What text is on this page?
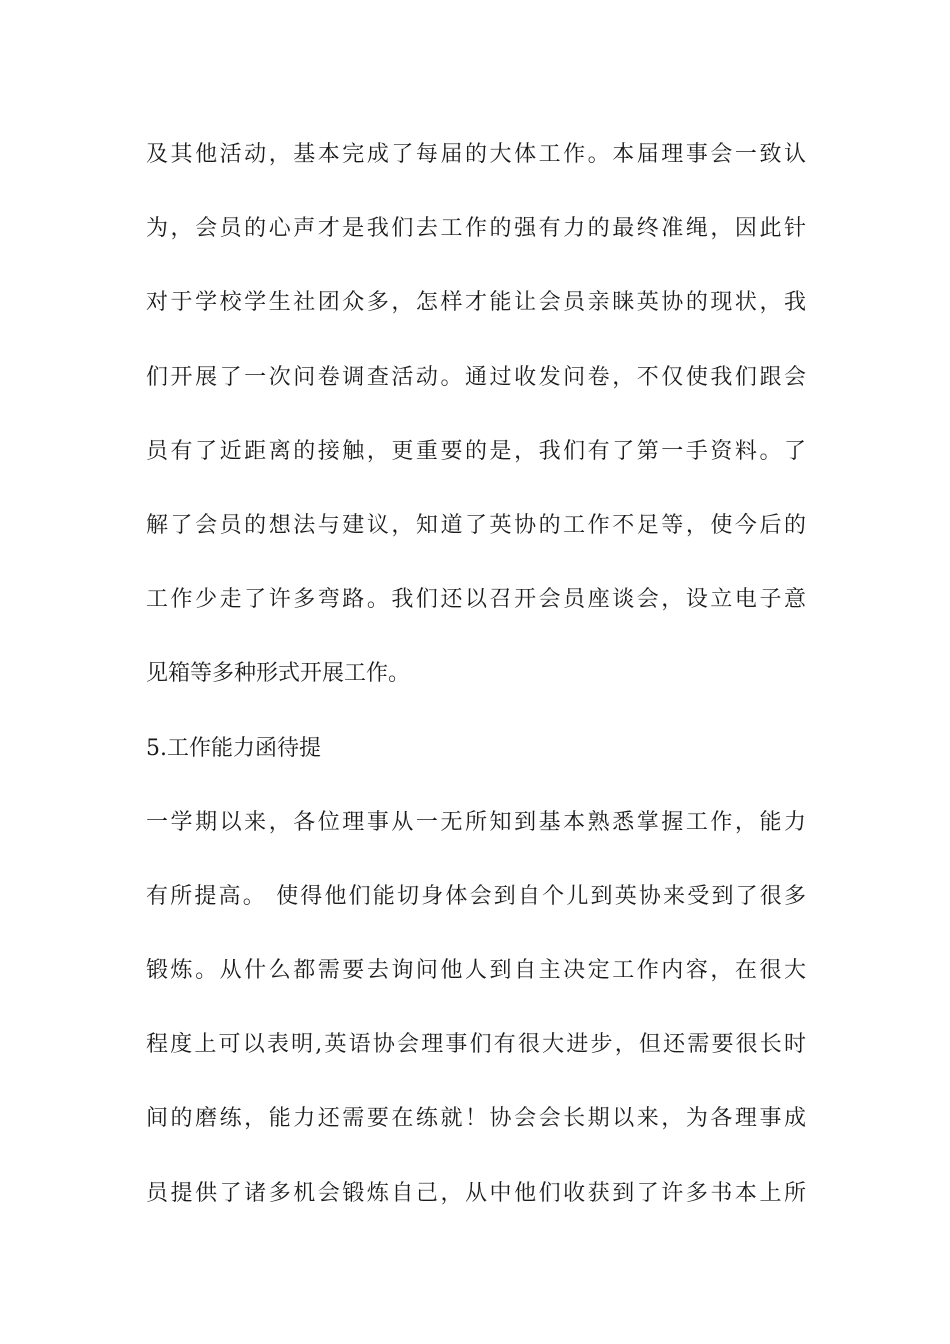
及其他活动，基本完成了每届的大体工作。本届理事会一致认
为，会员的心声才是我们去工作的强有力的最终准绳，因此针
对于学校学生社团众多，怎样才能让会员亲睐英协的现状，我
们开展了一次问卷调查活动。通过收发问卷，不仅使我们跟会
员有了近距离的接触，更重要的是，我们有了第一手资料。了
解了会员的想法与建议，知道了英协的工作不足等，使今后的
工作少走了许多弯路。我们还以召开会员座谈会，设立电子意
见箱等多种形式开展工作。
5.工作能力函待提
一学期以来，各位理事从一无所知到基本熟悉掌握工作，能力
有所提高。 使得他们能切身体会到自个儿到英协来受到了很多
锻炼。从什么都需要去询问他人到自主决定工作内容，在很大
程度上可以表明,英语协会理事们有很大进步，但还需要很长时
间的磨练，能力还需要在练就！协会会长期以来，为各理事成
员提供了诸多机会锻炼自己，从中他们收获到了许多书本上所
